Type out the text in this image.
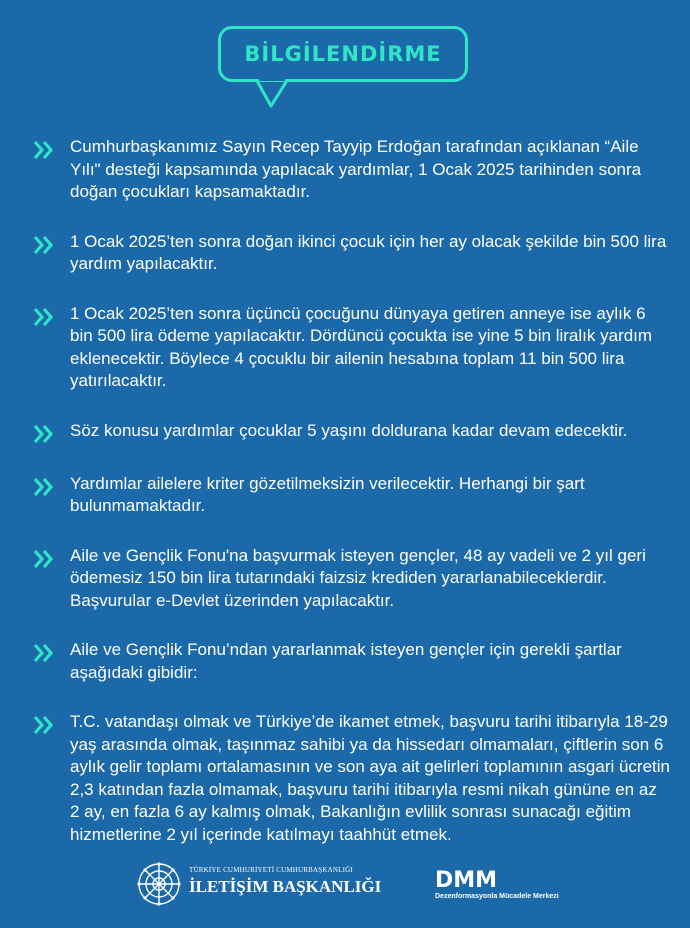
BİLGİLENDİRME

Cumhurbaşkanımız Sayın Recep Tayyip Erdoğan tarafından açıklanan “Aile Yılı" desteği kapsamında yapılacak yardımlar, 1 Ocak 2025 tarihinden sonra doğan çocukları kapsamaktadır.

1 Ocak 2025’ten sonra doğan ikinci çocuk için her ay olacak şekilde bin 500 lira yardım yapılacaktır.

1 Ocak 2025’ten sonra üçüncü çocuğunu dünyaya getiren anneye ise aylık 6 bin 500 lira ödeme yapılacaktır. Dördüncü çocukta ise yine 5 bin liralık yardım eklenecektir. Böylece 4 çocuklu bir ailenin hesabına toplam 11 bin 500 lira yatırılacaktır.

Söz konusu yardımlar çocuklar 5 yaşını doldurana kadar devam edecektir.

Yardımlar ailelere kriter gözetilmeksizin verilecektir. Herhangi bir şart bulunmamaktadır.

Aile ve Gençlik Fonu'na başvurmak isteyen gençler, 48 ay vadeli ve 2 yıl geri ödemesiz 150 bin lira tutarındaki faizsiz krediden yararlanabileceklerdir. Başvurular e-Devlet üzerinden yapılacaktır.

Aile ve Gençlik Fonu’ndan yararlanmak isteyen gençler için gerekli şartlar aşağıdaki gibidir:

T.C. vatandaşı olmak ve Türkiye’de ikamet etmek, başvuru tarihi itibarıyla 18-29 yaş arasında olmak, taşınmaz sahibi ya da hissedarı olmamaları, çiftlerin son 6 aylık gelir toplamı ortalamasının ve son aya ait gelirleri toplamının asgari ücretin 2,3 katından fazla olmamak, başvuru tarihi itibarıyla resmi nikah gününe en az 2 ay, en fazla 6 ay kalmış olmak, Bakanlığın evlilik sonrası sunacağı eğitim hizmetlerine 2 yıl içerinde katılmayı taahhüt etmek.

TÜRKİYE CUMHURİYETİ CUMHURBAŞKANLIĞI
İLETİŞİM BAŞKANLIĞI DMM
Dezenformasyonla Mücadele Merkezi
